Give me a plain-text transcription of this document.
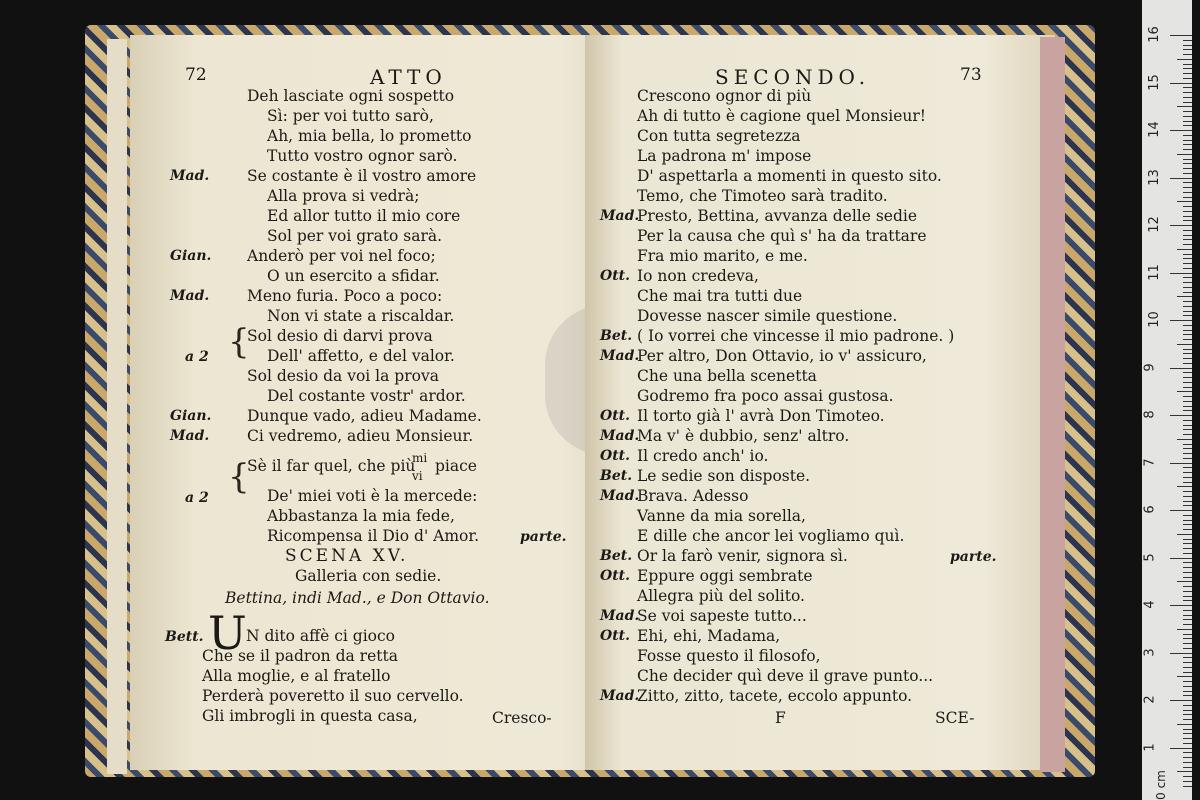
72	ATTO
Deh lasciate ogni sospetto
Sì: per voi tutto sarò,
Ah, mia bella, lo prometto
Tutto vostro ognor sarò.
Mad. Se costante è il vostro amore
Alla prova si vedrà;
Ed allor tutto il mio core
Sol per voi grato sarà.
Gian. Anderò per voi nel foco;
O un esercito a sfidar.
Mad. Meno furia. Poco a poco:
Non vi state a riscaldar.
{
a 2
Sol desio di darvi prova
Dell' affetto, e del valor.
Sol desio da voi la prova
Del costante vostr' ardor.
Gian. Dunque vado, adieu Madame.
Mad. Ci vedremo, adieu Monsieur.
{
a 2
Sè il far quel, che più
mi
vi
piace
De' miei voti è la mercede:
Abbastanza la mia fede,
Ricompensa il Dio d' Amor.	parte.
SCENA XV.
Galleria con sedie.
Bettina, indi Mad., e Don Ottavio.
Bett. U N dito affè ci gioco
Che se il padron da retta
Alla moglie, e al fratello
Perderà poveretto il suo cervello.
Gli imbrogli in questa casa,	Cresco-
SECONDO.	73
Crescono ognor di più
Ah di tutto è cagione quel Monsieur!
Con tutta segretezza
La padrona m' impose
D' aspettarla a momenti in questo sito.
Temo, che Timoteo sarà tradito.
Mad.
Presto, Bettina, avvanza delle sedie
Per la causa che quì s' ha da trattare
Fra mio marito, e me.
Ott. Io non credeva,
Che mai tra tutti due
Dovesse nascer simile questione.
Bet. ( Io vorrei che vincesse il mio padrone. )
Mad.
Per altro, Don Ottavio, io v' assicuro,
Che una bella scenetta
Godremo fra poco assai gustosa.
Ott. Il torto già l' avrà Don Timoteo.
Mad.
Ma v' è dubbio, senz' altro.
Ott. Il credo anch' io.
Bet. Le sedie son disposte.
Mad.
Brava. Adesso
Vanne da mia sorella,
E dille che ancor lei vogliamo quì.
Bet. Or la farò venir, signora sì.	parte.
Ott. Eppure oggi sembrate
Allegra più del solito.
Mad.
Se voi sapeste tutto...
Ott. Ehi, ehi, Madama,
Fosse questo il filosofo,
Che decider quì deve il grave punto...
Mad.
Zitto, zitto, tacete, eccolo appunto.
F	SCE-
16
15
14
13
12
11
10
9
8
7
6
5
4
3
2
1
0 cm
